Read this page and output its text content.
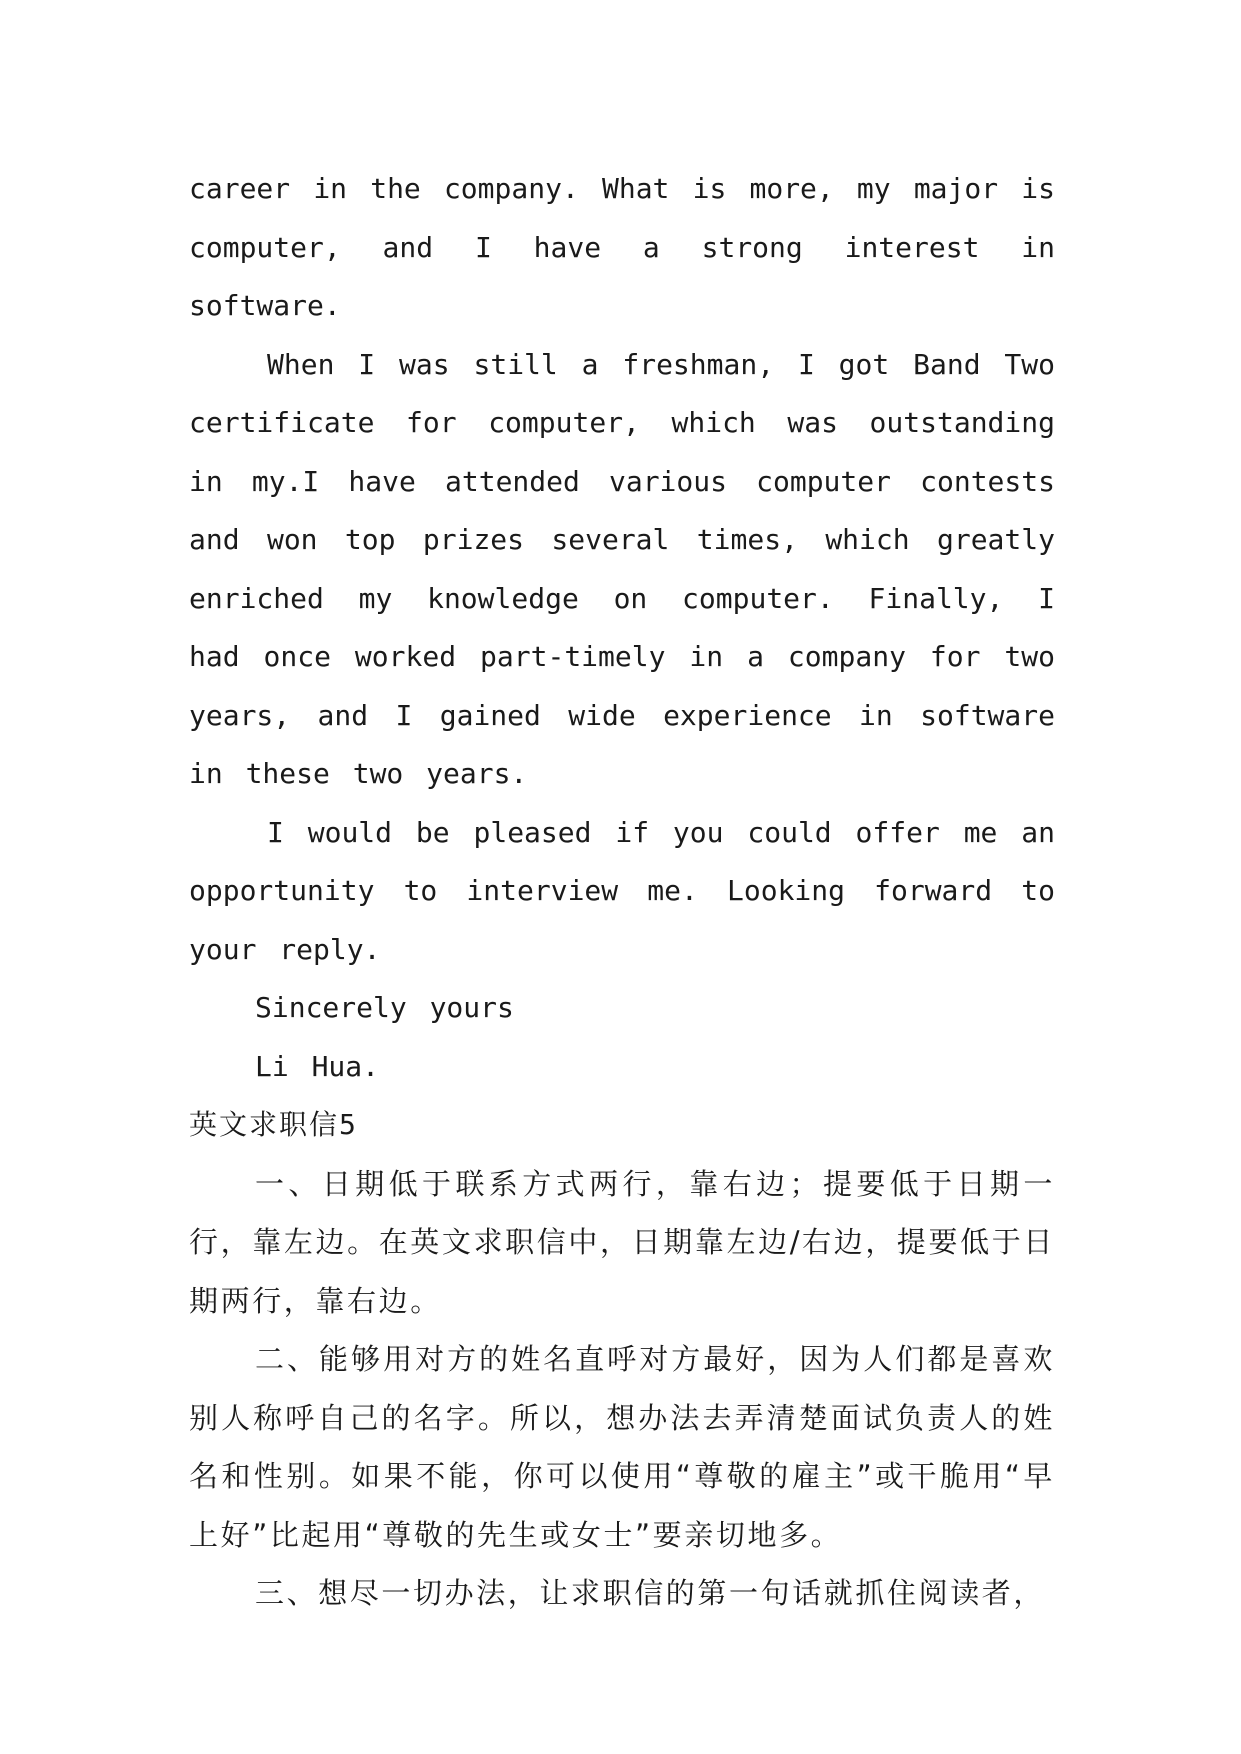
career in the company. What is more, my major is computer, and I have a strong interest in software.

When I was still a freshman, I got Band Two certificate for computer, which was outstanding in my.I have attended various computer contests and won top prizes several times, which greatly enriched my knowledge on computer. Finally, I had once worked part-timely in a company for two years, and I gained wide experience in software in these two years.

I would be pleased if you could offer me an opportunity to interview me. Looking forward to your reply.

Sincerely yours

Li Hua.

英文求职信5

一、日期低于联系方式两行，靠右边；提要低于日期一行，靠左边。在英文求职信中，日期靠左边/右边，提要低于日期两行，靠右边。

二、能够用对方的姓名直呼对方最好，因为人们都是喜欢别人称呼自己的名字。所以，想办法去弄清楚面试负责人的姓名和性别。如果不能，你可以使用“尊敬的雇主”或干脆用“早上好”比起用“尊敬的先生或女士”要亲切地多。

三、想尽一切办法，让求职信的第一句话就抓住阅读者，
